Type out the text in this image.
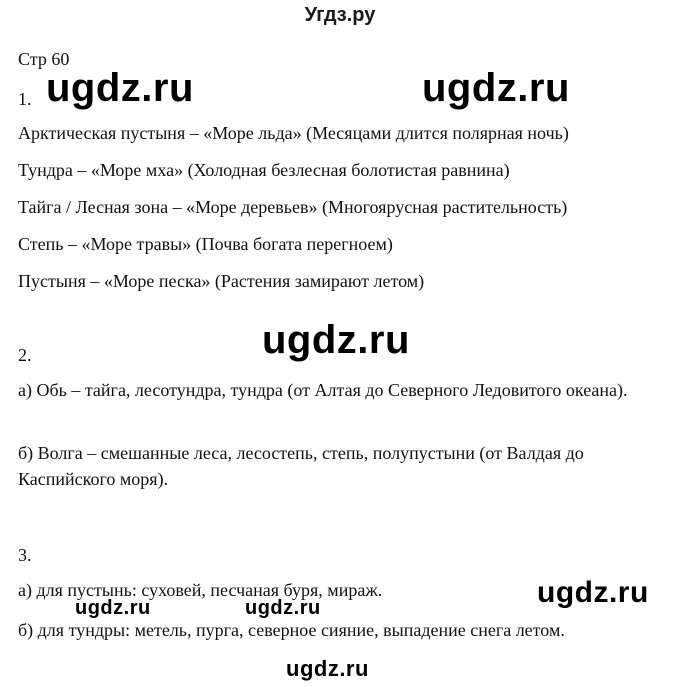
Угдз.ру
Стр 60
1. ugdz.ru	ugdz.ru
Арктическая пустыня – «Море льда» (Месяцами длится полярная ночь)
Тундра – «Море мха» (Холодная безлесная болотистая равнина)
Тайга / Лесная зона – «Море деревьев» (Многоярусная растительность)
Степь – «Море травы» (Почва богата перегноем)
Пустыня – «Море песка» (Растения замирают летом)
ugdz.ru
2.
а) Обь – тайга, лесотундра, тундра (от Алтая до Северного Ледовитого океана).
б) Волга – смешанные леса, лесостепь, степь, полупустыни (от Валдая до Каспийского моря).
3.
ugdz.ru
а) для пустынь: суховей, песчаная буря, мираж.
ugdz.ru	ugdz.ru
б) для тундры: метель, пурга, северное сияние, выпадение снега летом.
ugdz.ru
